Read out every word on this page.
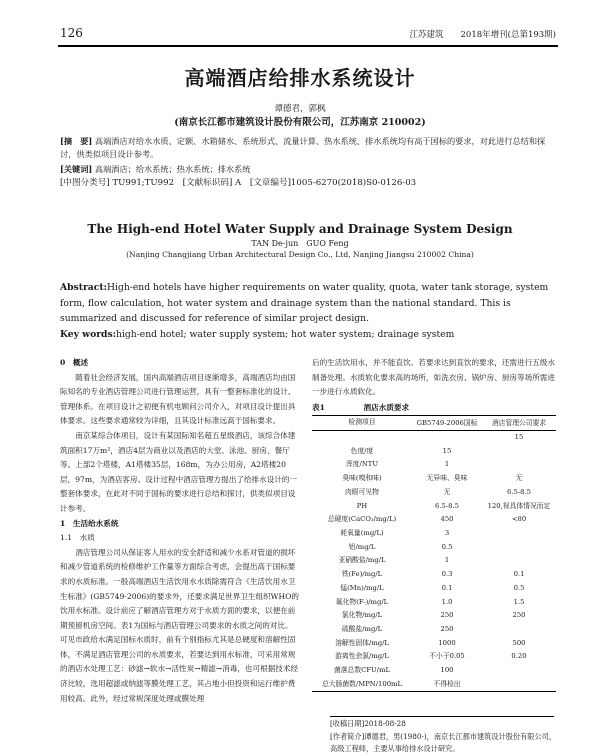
126	江苏建筑　　2018年增刊(总第193期)
高端酒店给排水系统设计
谭德君，郭枫
(南京长江都市建筑设计股份有限公司，江苏南京 210002)
[摘　要] 高端酒店对给水水质、定额、水箱储水、系统形式、流量计算、热水系统、排水系统均有高于国标的要求，对此进行总结和探讨，供类似项目设计参考。
[关键词] 高端酒店；给水系统；热水系统；排水系统
[中图分类号] TU991;TU992　[文献标识码] A　[文章编号]1005-6270(2018)S0-0126-03
The High-end Hotel Water Supply and Drainage System Design
TAN De-jun　GUO Feng
(Nanjing Changjiang Urban Architectural Design Co., Ltd, Nanjing Jiangsu 210002 China)
Abstract:High-end hotels have higher requirements on water quality, quota, water tank storage, system form, flow calculation, hot water system and drainage system than the national standard. This is summarized and discussed for reference of similar project design.
Key words:high-end hotel; water supply system; hot water system; drainage system

0　概述

随着社会经济发展，国内高端酒店项目逐渐增多，高端酒店均由国际知名的专业酒店管理公司进行管理运营，具有一整套标准化的设计、管理体系。在项目设计之初便有机电顾问公司介入，对项目设计提出具体要求。这些要求通常较为详细，且其设计标准远高于国标要求。

南京某综合体项目，设计有某国际知名超五星级酒店，该综合体建筑面积17万m²，酒店4层为商业以及酒店的大堂、泳池、厨房、餐厅等。上部2个塔楼，A1塔楼35层，168m，为办公用房，A2塔楼20层，97m，为酒店客房。设计过程中酒店管理方提出了给排水设计的一整套体要求，在此对不同于国标的要求进行总结和探讨，供类似项目设计参考。

1　生活给水系统

1.1　水质

酒店管理公司从保证客人用水的安全舒适和减少水系对管道的损坏和减少管道系统的检修维护工作量等方面综合考虑，会提出高于国标要求的水质标准。一般高端酒店生活饮用水水质除需符合《生活饮用水卫生标准》(GB5749-2006)的要求外，还要求满足世界卫生组织WHO的饮用水标准。设计前应了解酒店管理方对于水质方面的要求，以便在前期预留机房空间。表1为国标与酒店管理公司要求的水质之间的对比。可见市政给水满足国标水质时，前有个别指标尤其是总硬度和溶解性固体，不满足酒店管理公司的水质要求，若要达到用水标准，可采用常规的酒店水处理工艺：砂滤→软水→活性炭→精滤→消毒，也可根据技术经济比较，选用超滤或纳滤等膜处理工艺，其占地小但投资和运行维护费用较高。此外，经过常规深度处理或膜处理

后的生活饮用水，并不能直饮。若要求达到直饮的要求，还需进行五级水制备处理。水质软化要求高的场所，如洗衣房、锅炉房、厨房等场所需进一步进行水质软化。

表1	酒店水质要求
检测项目	GB5749-2006国标	酒店管理公司要求
		15
色度/度	15	
浑度/NTU	1	
臭味(嗅和味)	无异味、臭味	无
肉眼可见物	无	6.5-8.5
PH	6.5-8.5	120,视具体情况而定
总硬度(CaCO₃/mg/L)	450	<80
耗氧量(mg/L)	3	
铝/mg/L	0.5	
亚硝酸盐/mg/L	1	
铁(Fe)/mg/L	0.3	0.1
锰(Mn)/mg/L	0.1	0.5
氟化物(F-)/mg/L	1.0	1.5
氯化物/mg/L	250	250
硫酸盐/mg/L	250	
溶解性固体/mg/L	1000	500
游离性余氯/mg/L	不小于0.05	0.20
菌落总数CFU/mL	100	
总大肠菌数/MPN/100mL	不得检出	
[收稿日期]2018-08-28
[作者简介]谭德君，男(1980-)，南京长江都市建筑设计股份有限公司，高级工程师，主要从事给排水设计研究。
